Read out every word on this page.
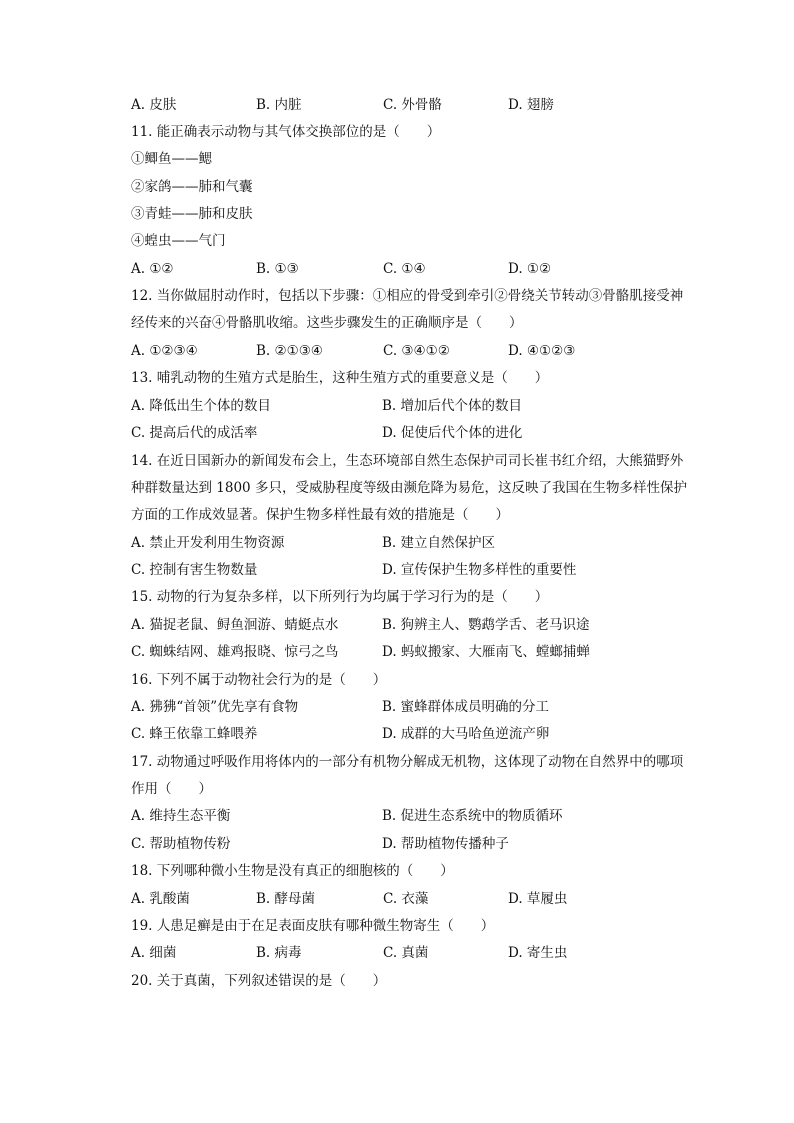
A. 皮肤	B. 内脏	C. 外骨骼	D. 翅膀
11. 能正确表示动物与其气体交换部位的是（　　）
①鲫鱼——鳃
②家鸽——肺和气囊
③青蛙——肺和皮肤
④蝗虫——气门
A. ①②	B. ①③	C. ①④	D. ①②
12. 当你做屈肘动作时，包括以下步骤：①相应的骨受到牵引②骨绕关节转动③骨骼肌接受神
经传来的兴奋④骨骼肌收缩。这些步骤发生的正确顺序是（　　）
A. ①②③④	B. ②①③④	C. ③④①②	D. ④①②③
13. 哺乳动物的生殖方式是胎生，这种生殖方式的重要意义是（　　）
A. 降低出生个体的数目	B. 增加后代个体的数目
C. 提高后代的成活率	D. 促使后代个体的进化
14. 在近日国新办的新闻发布会上，生态环境部自然生态保护司司长崔书红介绍，大熊猫野外
种群数量达到 1800 多只，受威胁程度等级由濒危降为易危，这反映了我国在生物多样性保护
方面的工作成效显著。保护生物多样性最有效的措施是（　　）
A. 禁止开发利用生物资源	B. 建立自然保护区
C. 控制有害生物数量	D. 宣传保护生物多样性的重要性
15. 动物的行为复杂多样，以下所列行为均属于学习行为的是（　　）
A. 猫捉老鼠、鲟鱼洄游、蜻蜓点水	B. 狗辨主人、鹦鹉学舌、老马识途
C. 蜘蛛结网、雄鸡报晓、惊弓之鸟	D. 蚂蚁搬家、大雁南飞、螳螂捕蝉
16. 下列不属于动物社会行为的是（　　）
A. 狒狒“首领”优先享有食物	B. 蜜蜂群体成员明确的分工
C. 蜂王依靠工蜂喂养	D. 成群的大马哈鱼逆流产卵
17. 动物通过呼吸作用将体内的一部分有机物分解成无机物，这体现了动物在自然界中的哪项
作用（　　）
A. 维持生态平衡	B. 促进生态系统中的物质循环
C. 帮助植物传粉	D. 帮助植物传播种子
18. 下列哪种微小生物是没有真正的细胞核的（　　）
A. 乳酸菌	B. 酵母菌	C. 衣藻	D. 草履虫
19. 人患足癣是由于在足表面皮肤有哪种微生物寄生（　　）
A. 细菌	B. 病毒	C. 真菌	D. 寄生虫
20. 关于真菌，下列叙述错误的是（　　）
